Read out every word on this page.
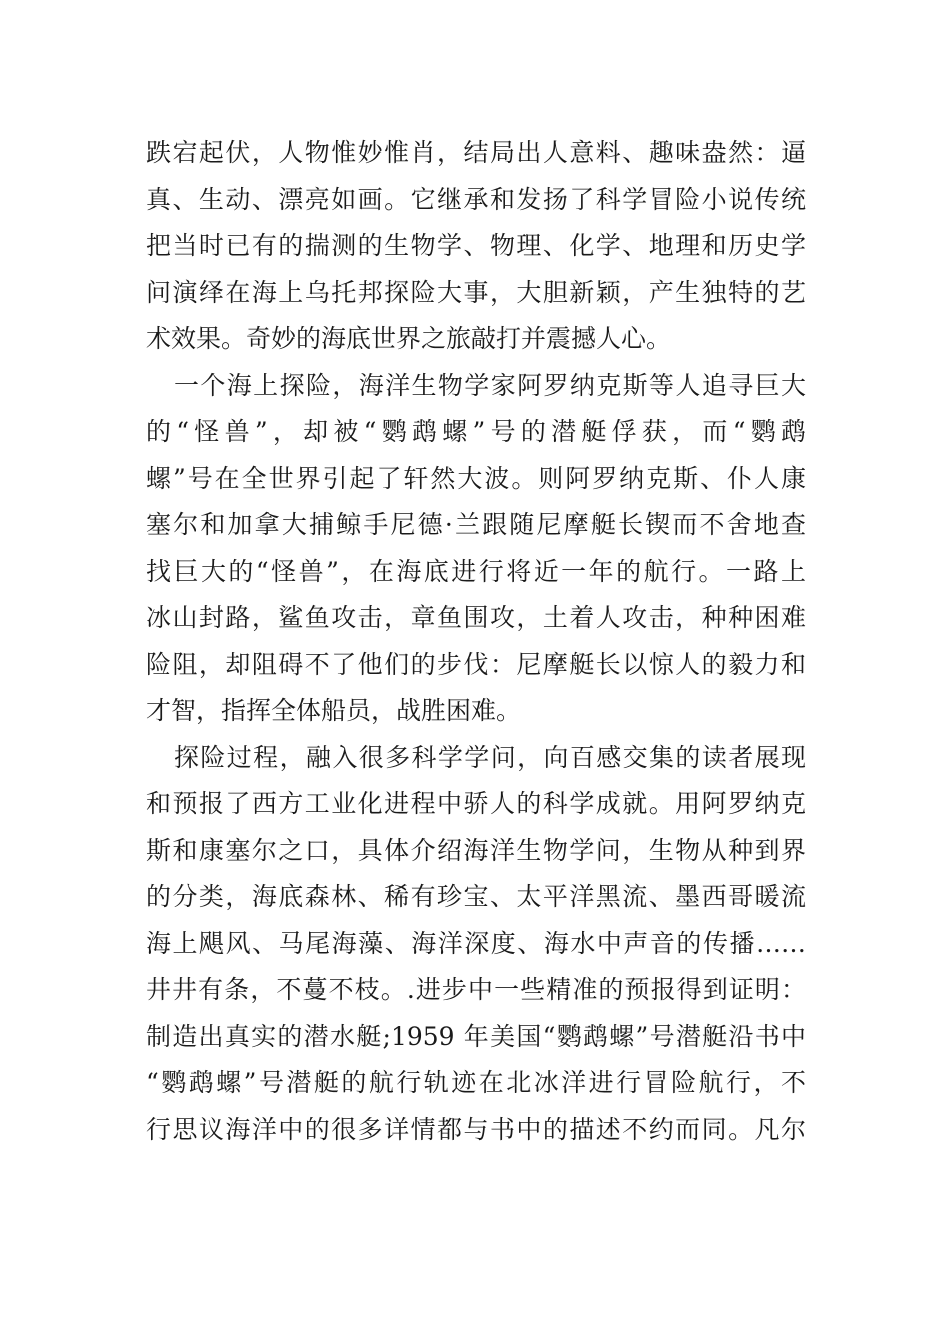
跌宕起伏，人物惟妙惟肖，结局出人意料、趣味盎然：逼
真、生动、漂亮如画。它继承和发扬了科学冒险小说传统
把当时已有的揣测的生物学、物理、化学、地理和历史学
问演绎在海上乌托邦探险大事，大胆新颖，产生独特的艺
术效果。奇妙的海底世界之旅敲打并震撼人心。
一个海上探险，海洋生物学家阿罗纳克斯等人追寻巨大
的“怪兽”，却被“鹦鹉螺”号的潜艇俘获，而“鹦鹉
螺”号在全世界引起了轩然大波。则阿罗纳克斯、仆人康
塞尔和加拿大捕鲸手尼德·兰跟随尼摩艇长锲而不舍地查
找巨大的“怪兽”，在海底进行将近一年的航行。一路上
冰山封路，鲨鱼攻击，章鱼围攻，土着人攻击，种种困难
险阻，却阻碍不了他们的步伐：尼摩艇长以惊人的毅力和
才智，指挥全体船员，战胜困难。
探险过程，融入很多科学学问，向百感交集的读者展现
和预报了西方工业化进程中骄人的科学成就。用阿罗纳克
斯和康塞尔之口，具体介绍海洋生物学问，生物从种到界
的分类，海底森林、稀有珍宝、太平洋黑流、墨西哥暖流
海上飓风、马尾海藻、海洋深度、海水中声音的传播……
井井有条，不蔓不枝。.进步中一些精准的预报得到证明：
制造出真实的潜水艇;1959 年美国“鹦鹉螺”号潜艇沿书中
“鹦鹉螺”号潜艇的航行轨迹在北冰洋进行冒险航行，不
行思议海洋中的很多详情都与书中的描述不约而同。凡尔
